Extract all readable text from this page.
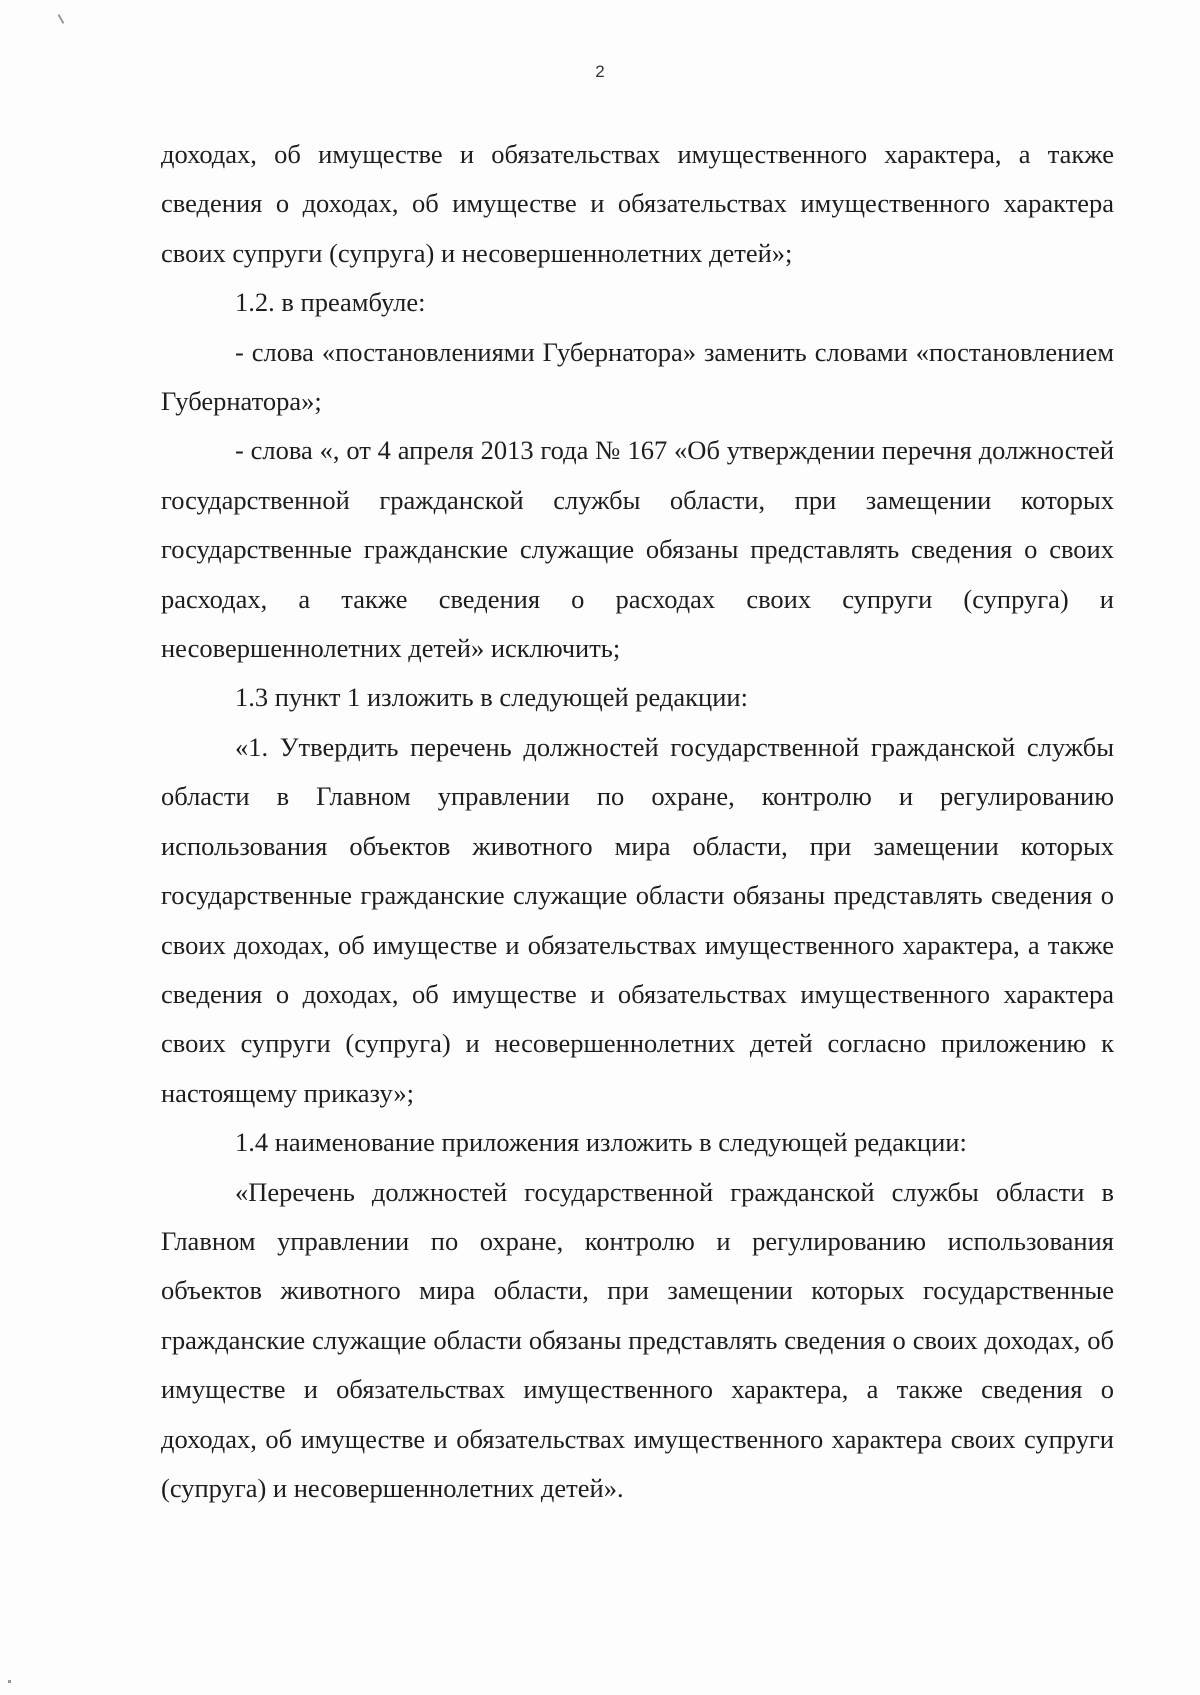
2

доходах, об имуществе и обязательствах имущественного характера, а также сведения о доходах, об имуществе и обязательствах имущественного характера своих супруги (супруга) и несовершеннолетних детей»;

1.2. в преамбуле:

- слова «постановлениями Губернатора» заменить словами «постановлением Губернатора»;

- слова «, от 4 апреля 2013 года № 167 «Об утверждении перечня должностей государственной гражданской службы области, при замещении которых государственные гражданские служащие обязаны представлять сведения о своих расходах, а также сведения о расходах своих супруги (супруга) и несовершеннолетних детей» исключить;

1.3 пункт 1 изложить в следующей редакции:

«1. Утвердить перечень должностей государственной гражданской службы области в Главном управлении по охране, контролю и регулированию использования объектов животного мира области, при замещении которых государственные гражданские служащие области обязаны представлять сведения о своих доходах, об имуществе и обязательствах имущественного характера, а также сведения о доходах, об имуществе и обязательствах имущественного характера своих супруги (супруга) и несовершеннолетних детей согласно приложению к настоящему приказу»;

1.4 наименование приложения изложить в следующей редакции:

«Перечень должностей государственной гражданской службы области в Главном управлении по охране, контролю и регулированию использования объектов животного мира области, при замещении которых государственные гражданские служащие области обязаны представлять сведения о своих доходах, об имуществе и обязательствах имущественного характера, а также сведения о доходах, об имуществе и обязательствах имущественного характера своих супруги (супруга) и несовершеннолетних детей».
